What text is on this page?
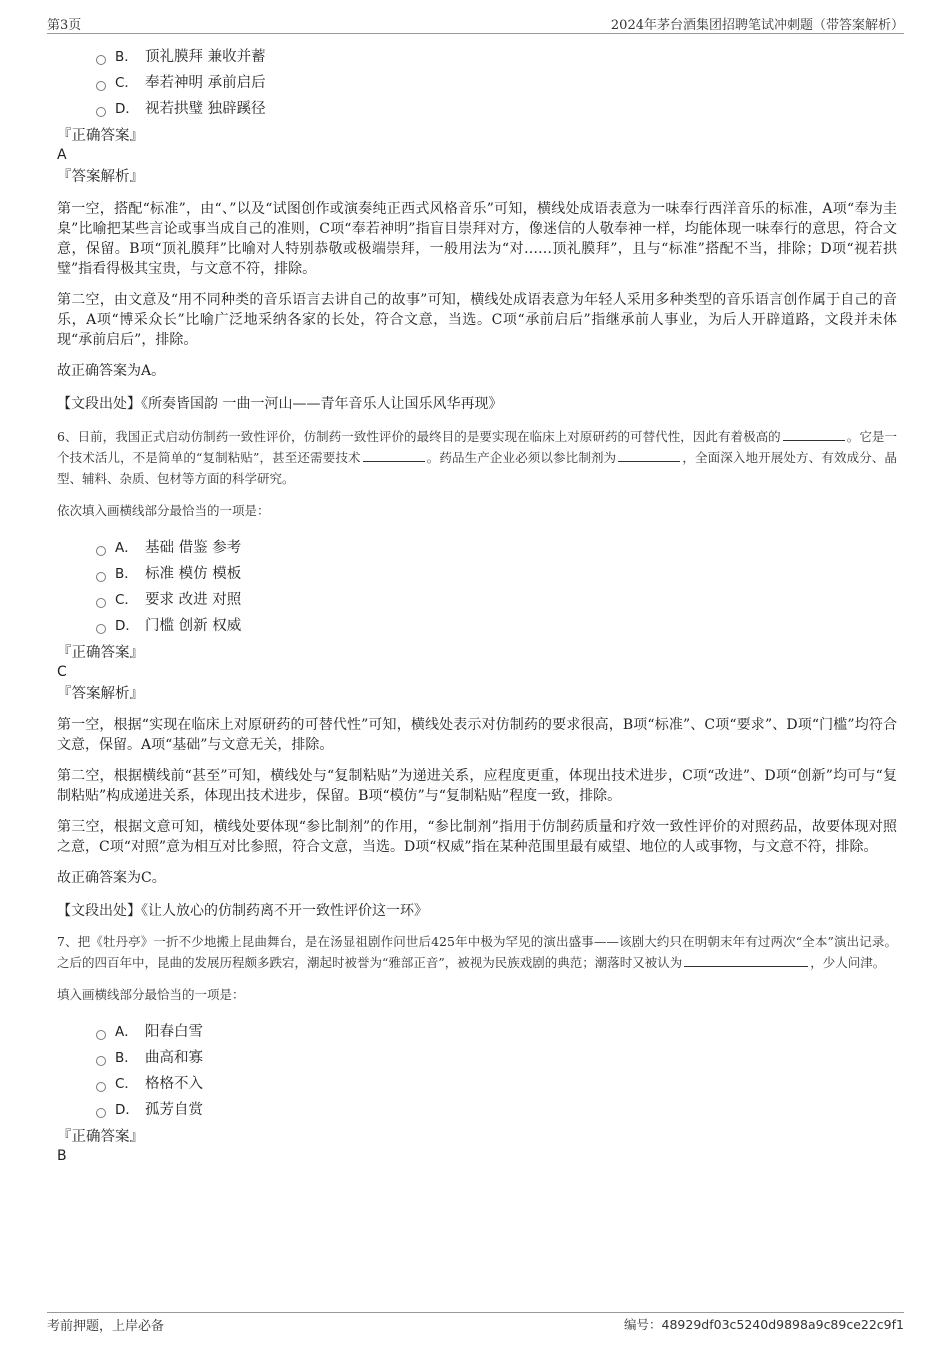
第3页	2024年茅台酒集团招聘笔试冲刺题（带答案解析）
B． 顶礼膜拜 兼收并蓄
C． 奉若神明 承前启后
D． 视若拱璧 独辟蹊径
『正确答案』
A
『答案解析』
第一空，搭配“标准”，由“、”以及“试图创作或演奏纯正西式风格音乐”可知，横线处成语表意为一味奉行西洋音乐的标准，A项“奉为圭臬”比喻把某些言论或事当成自己的准则，C项“奉若神明”指盲目崇拜对方，像迷信的人敬奉神一样，均能体现一味奉行的意思，符合文意，保留。B项“顶礼膜拜”比喻对人特别恭敬或极端崇拜，一般用法为“对……顶礼膜拜”，且与“标准”搭配不当，排除；D项“视若拱璧”指看得极其宝贵，与文意不符，排除。
第二空，由文意及“用不同种类的音乐语言去讲自己的故事”可知，横线处成语表意为年轻人采用多种类型的音乐语言创作属于自己的音乐，A项“博采众长”比喻广泛地采纳各家的长处，符合文意，当选。C项“承前启后”指继承前人事业，为后人开辟道路，文段并未体现“承前启后”，排除。
故正确答案为A。
【文段出处】《所奏皆国韵 一曲一河山——青年音乐人让国乐风华再现》
6、日前，我国正式启动仿制药一致性评价，仿制药一致性评价的最终目的是要实现在临床上对原研药的可替代性，因此有着极高的	。它是一个技术活儿，不是简单的“复制粘贴”，甚至还需要技术	。药品生产企业必须以参比制剂为	，全面深入地开展处方、有效成分、晶型、辅料、杂质、包材等方面的科学研究。
依次填入画横线部分最恰当的一项是：
A． 基础 借鉴 参考
B． 标准 模仿 模板
C． 要求 改进 对照
D． 门槛 创新 权威
『正确答案』
C
『答案解析』
第一空，根据“实现在临床上对原研药的可替代性”可知，横线处表示对仿制药的要求很高，B项“标准”、C项“要求”、D项“门槛”均符合文意，保留。A项“基础”与文意无关，排除。
第二空，根据横线前“甚至”可知，横线处与“复制粘贴”为递进关系，应程度更重，体现出技术进步，C项“改进”、D项“创新”均可与“复制粘贴”构成递进关系，体现出技术进步，保留。B项“模仿”与“复制粘贴”程度一致，排除。
第三空，根据文意可知，横线处要体现“参比制剂”的作用，“参比制剂”指用于仿制药质量和疗效一致性评价的对照药品，故要体现对照之意，C项“对照”意为相互对比参照，符合文意，当选。D项“权威”指在某种范围里最有威望、地位的人或事物，与文意不符，排除。
故正确答案为C。
【文段出处】《让人放心的仿制药离不开一致性评价这一环》
7、把《牡丹亭》一折不少地搬上昆曲舞台，是在汤显祖剧作问世后425年中极为罕见的演出盛事——该剧大约只在明朝末年有过两次“全本”演出记录。之后的四百年中，昆曲的发展历程颇多跌宕，潮起时被誉为“雅部正音”，被视为民族戏剧的典范；潮落时又被认为	，少人问津。
填入画横线部分最恰当的一项是：
A． 阳春白雪
B． 曲高和寡
C． 格格不入
D． 孤芳自赏
『正确答案』
B
考前押题，上岸必备	编号：48929df03c5240d9898a9c89ce22c9f1
